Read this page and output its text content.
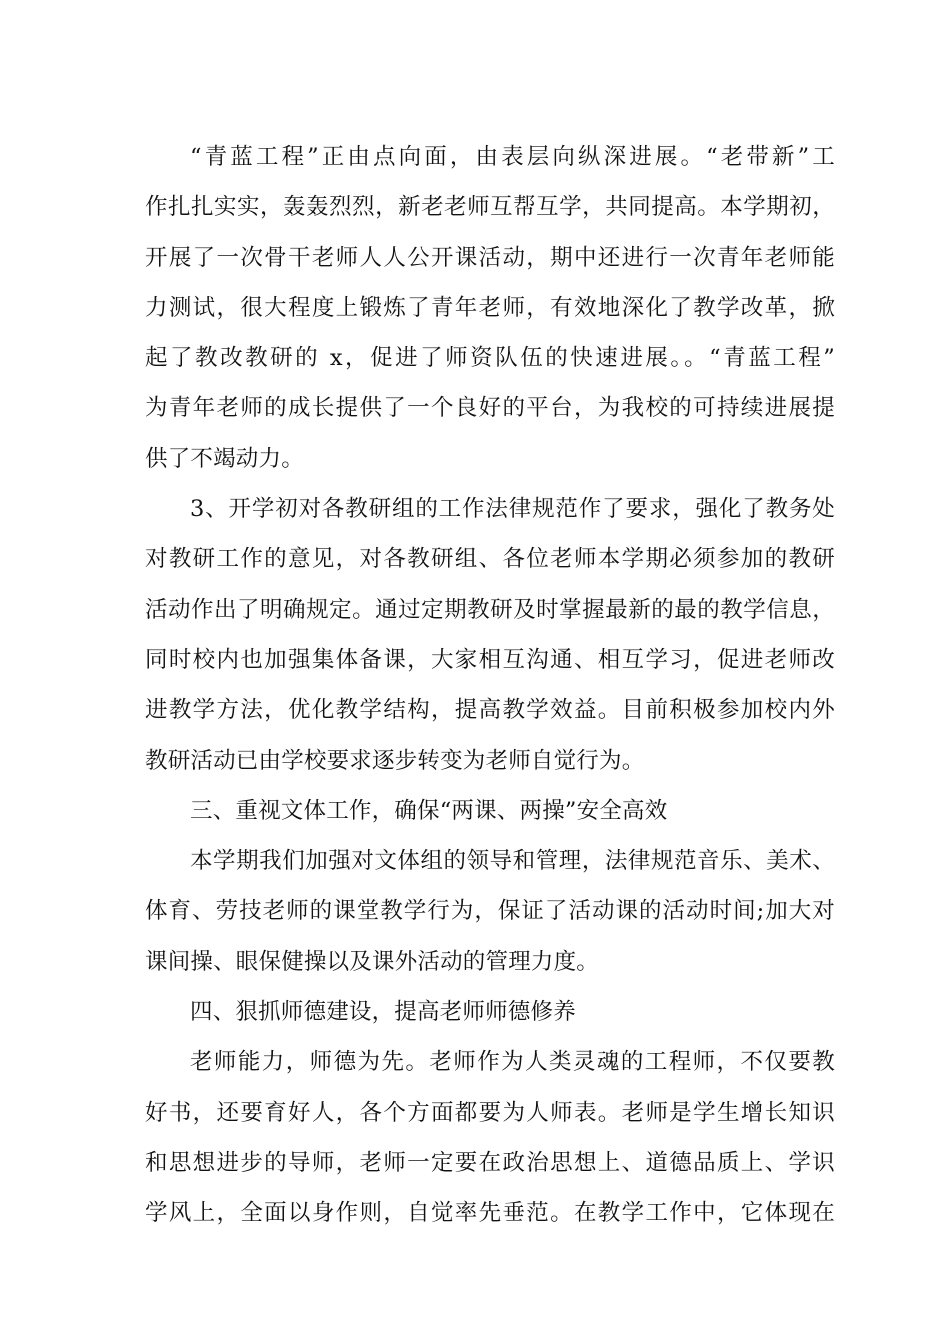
“青蓝工程”正由点向面，由表层向纵深进展。“老带新”工
作扎扎实实，轰轰烈烈，新老老师互帮互学，共同提高。本学期初，
开展了一次骨干老师人人公开课活动，期中还进行一次青年老师能
力测试，很大程度上锻炼了青年老师，有效地深化了教学改革，掀
起了教改教研的 x，促进了师资队伍的快速进展。。“青蓝工程”
为青年老师的成长提供了一个良好的平台，为我校的可持续进展提
供了不竭动力。
3、开学初对各教研组的工作法律规范作了要求，强化了教务处
对教研工作的意见，对各教研组、各位老师本学期必须参加的教研
活动作出了明确规定。通过定期教研及时掌握最新的最的教学信息，
同时校内也加强集体备课，大家相互沟通、相互学习，促进老师改
进教学方法，优化教学结构，提高教学效益。目前积极参加校内外
教研活动已由学校要求逐步转变为老师自觉行为。
三、重视文体工作，确保“两课、两操”安全高效
本学期我们加强对文体组的领导和管理，法律规范音乐、美术、
体育、劳技老师的课堂教学行为，保证了活动课的活动时间;加大对
课间操、眼保健操以及课外活动的管理力度。
四、狠抓师德建设，提高老师师德修养
老师能力，师德为先。老师作为人类灵魂的工程师，不仅要教
好书，还要育好人，各个方面都要为人师表。老师是学生增长知识
和思想进步的导师，老师一定要在政治思想上、道德品质上、学识
学风上，全面以身作则，自觉率先垂范。在教学工作中，它体现在
